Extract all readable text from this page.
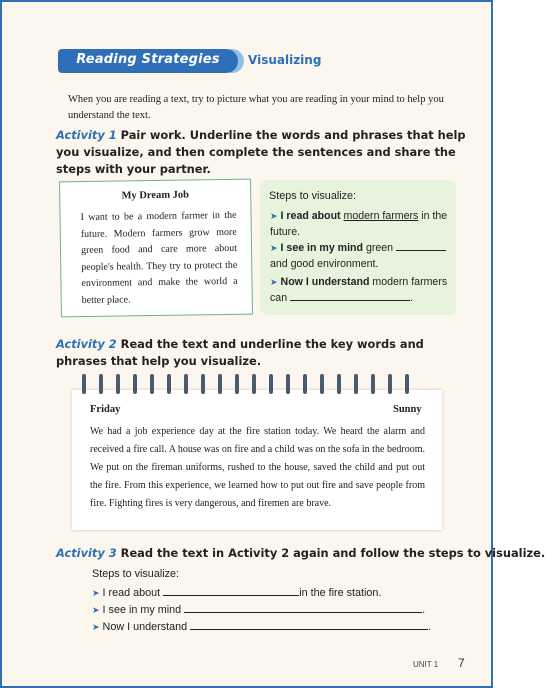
Reading Strategies	Visualizing
When you are reading a text, try to picture what you are reading in your mind to help you understand the text.
Activity 1 Pair work. Underline the words and phrases that help you visualize, and then complete the sentences and share the steps with your partner.
My Dream Job
I want to be a modern farmer in the future. Modern farmers grow more green food and care more about people's health. They try to protect the environment and make the world a better place.
Steps to visualize:
➤ I read about modern farmers in the future.
➤ I see in my mind green  and good environment.
➤ Now I understand modern farmers can	.
Activity 2 Read the text and underline the key words and phrases that help you visualize.
Friday	Sunny
We had a job experience day at the fire station today. We heard the alarm and received a fire call. A house was on fire and a child was on the sofa in the bedroom. We put on the fireman uniforms, rushed to the house, saved the child and put out the fire. From this experience, we learned how to put out fire and save people from fire. Fighting fires is very dangerous, and firemen are brave.
Activity 3 Read the text in Activity 2 again and follow the steps to visualize.
Steps to visualize:
➤ I read about	in the fire station.
➤ I see in my mind	.
➤ Now I understand	.
UNIT 1 7
